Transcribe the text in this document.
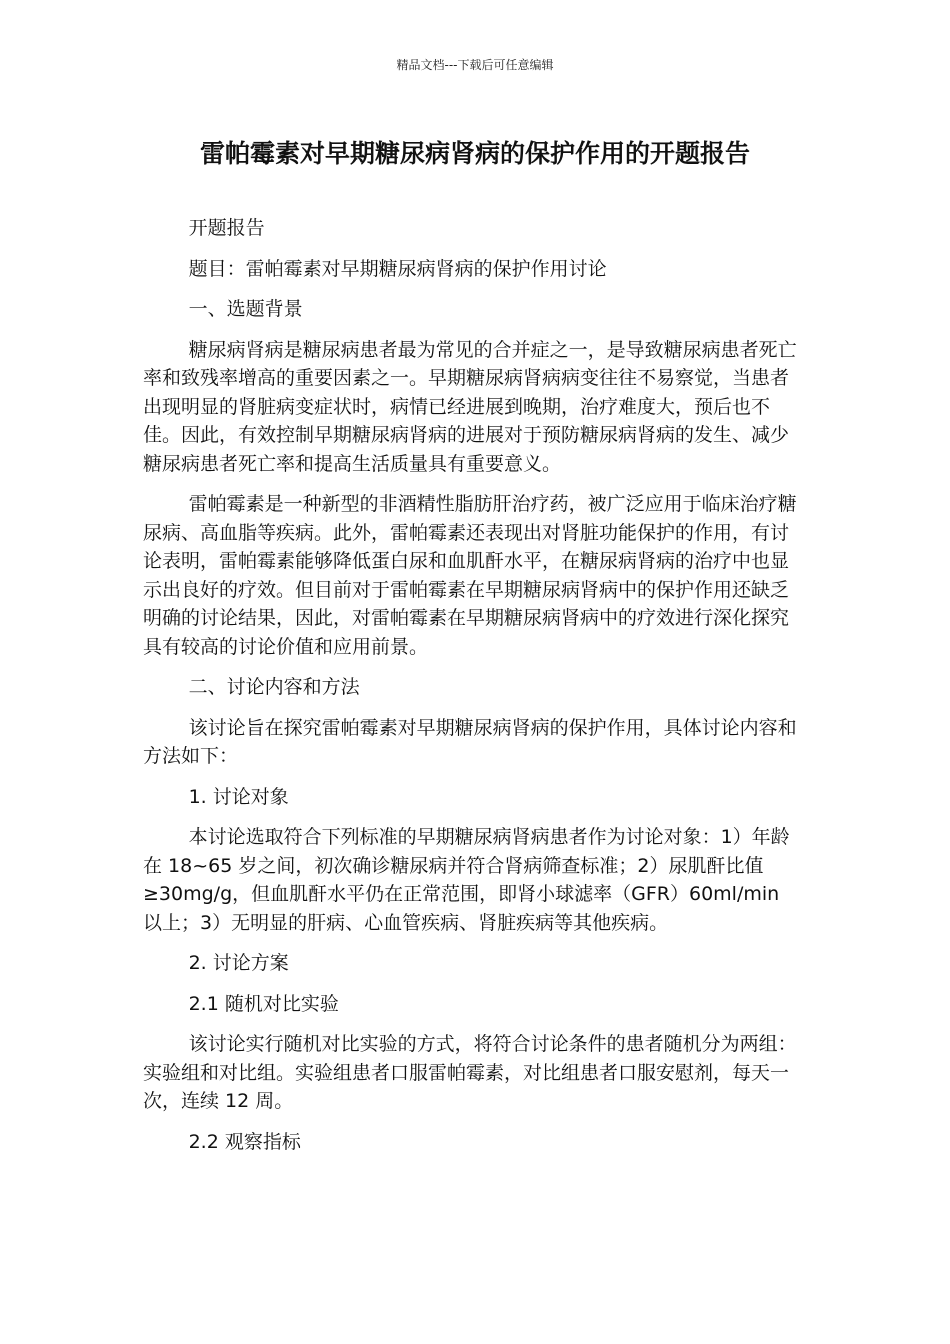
精品文档---下载后可任意编辑
雷帕霉素对早期糖尿病肾病的保护作用的开题报告
开题报告
题目：雷帕霉素对早期糖尿病肾病的保护作用讨论
一、选题背景
糖尿病肾病是糖尿病患者最为常见的合并症之一，是导致糖尿病患者死亡率和致残率增高的重要因素之一。早期糖尿病肾病病变往往不易察觉，当患者出现明显的肾脏病变症状时，病情已经进展到晚期，治疗难度大，预后也不佳。因此，有效控制早期糖尿病肾病的进展对于预防糖尿病肾病的发生、减少糖尿病患者死亡率和提高生活质量具有重要意义。
雷帕霉素是一种新型的非酒精性脂肪肝治疗药，被广泛应用于临床治疗糖尿病、高血脂等疾病。此外，雷帕霉素还表现出对肾脏功能保护的作用，有讨论表明，雷帕霉素能够降低蛋白尿和血肌酐水平，在糖尿病肾病的治疗中也显示出良好的疗效。但目前对于雷帕霉素在早期糖尿病肾病中的保护作用还缺乏明确的讨论结果，因此，对雷帕霉素在早期糖尿病肾病中的疗效进行深化探究具有较高的讨论价值和应用前景。
二、讨论内容和方法
该讨论旨在探究雷帕霉素对早期糖尿病肾病的保护作用，具体讨论内容和方法如下：
1. 讨论对象
本讨论选取符合下列标准的早期糖尿病肾病患者作为讨论对象：1）年龄在 18~65 岁之间，初次确诊糖尿病并符合肾病筛查标准；2）尿肌酐比值≥30mg/g，但血肌酐水平仍在正常范围，即肾小球滤率（GFR）60ml/min 以上；3）无明显的肝病、心血管疾病、肾脏疾病等其他疾病。
2. 讨论方案
2.1 随机对比实验
该讨论实行随机对比实验的方式，将符合讨论条件的患者随机分为两组：实验组和对比组。实验组患者口服雷帕霉素，对比组患者口服安慰剂，每天一次，连续 12 周。
2.2 观察指标
